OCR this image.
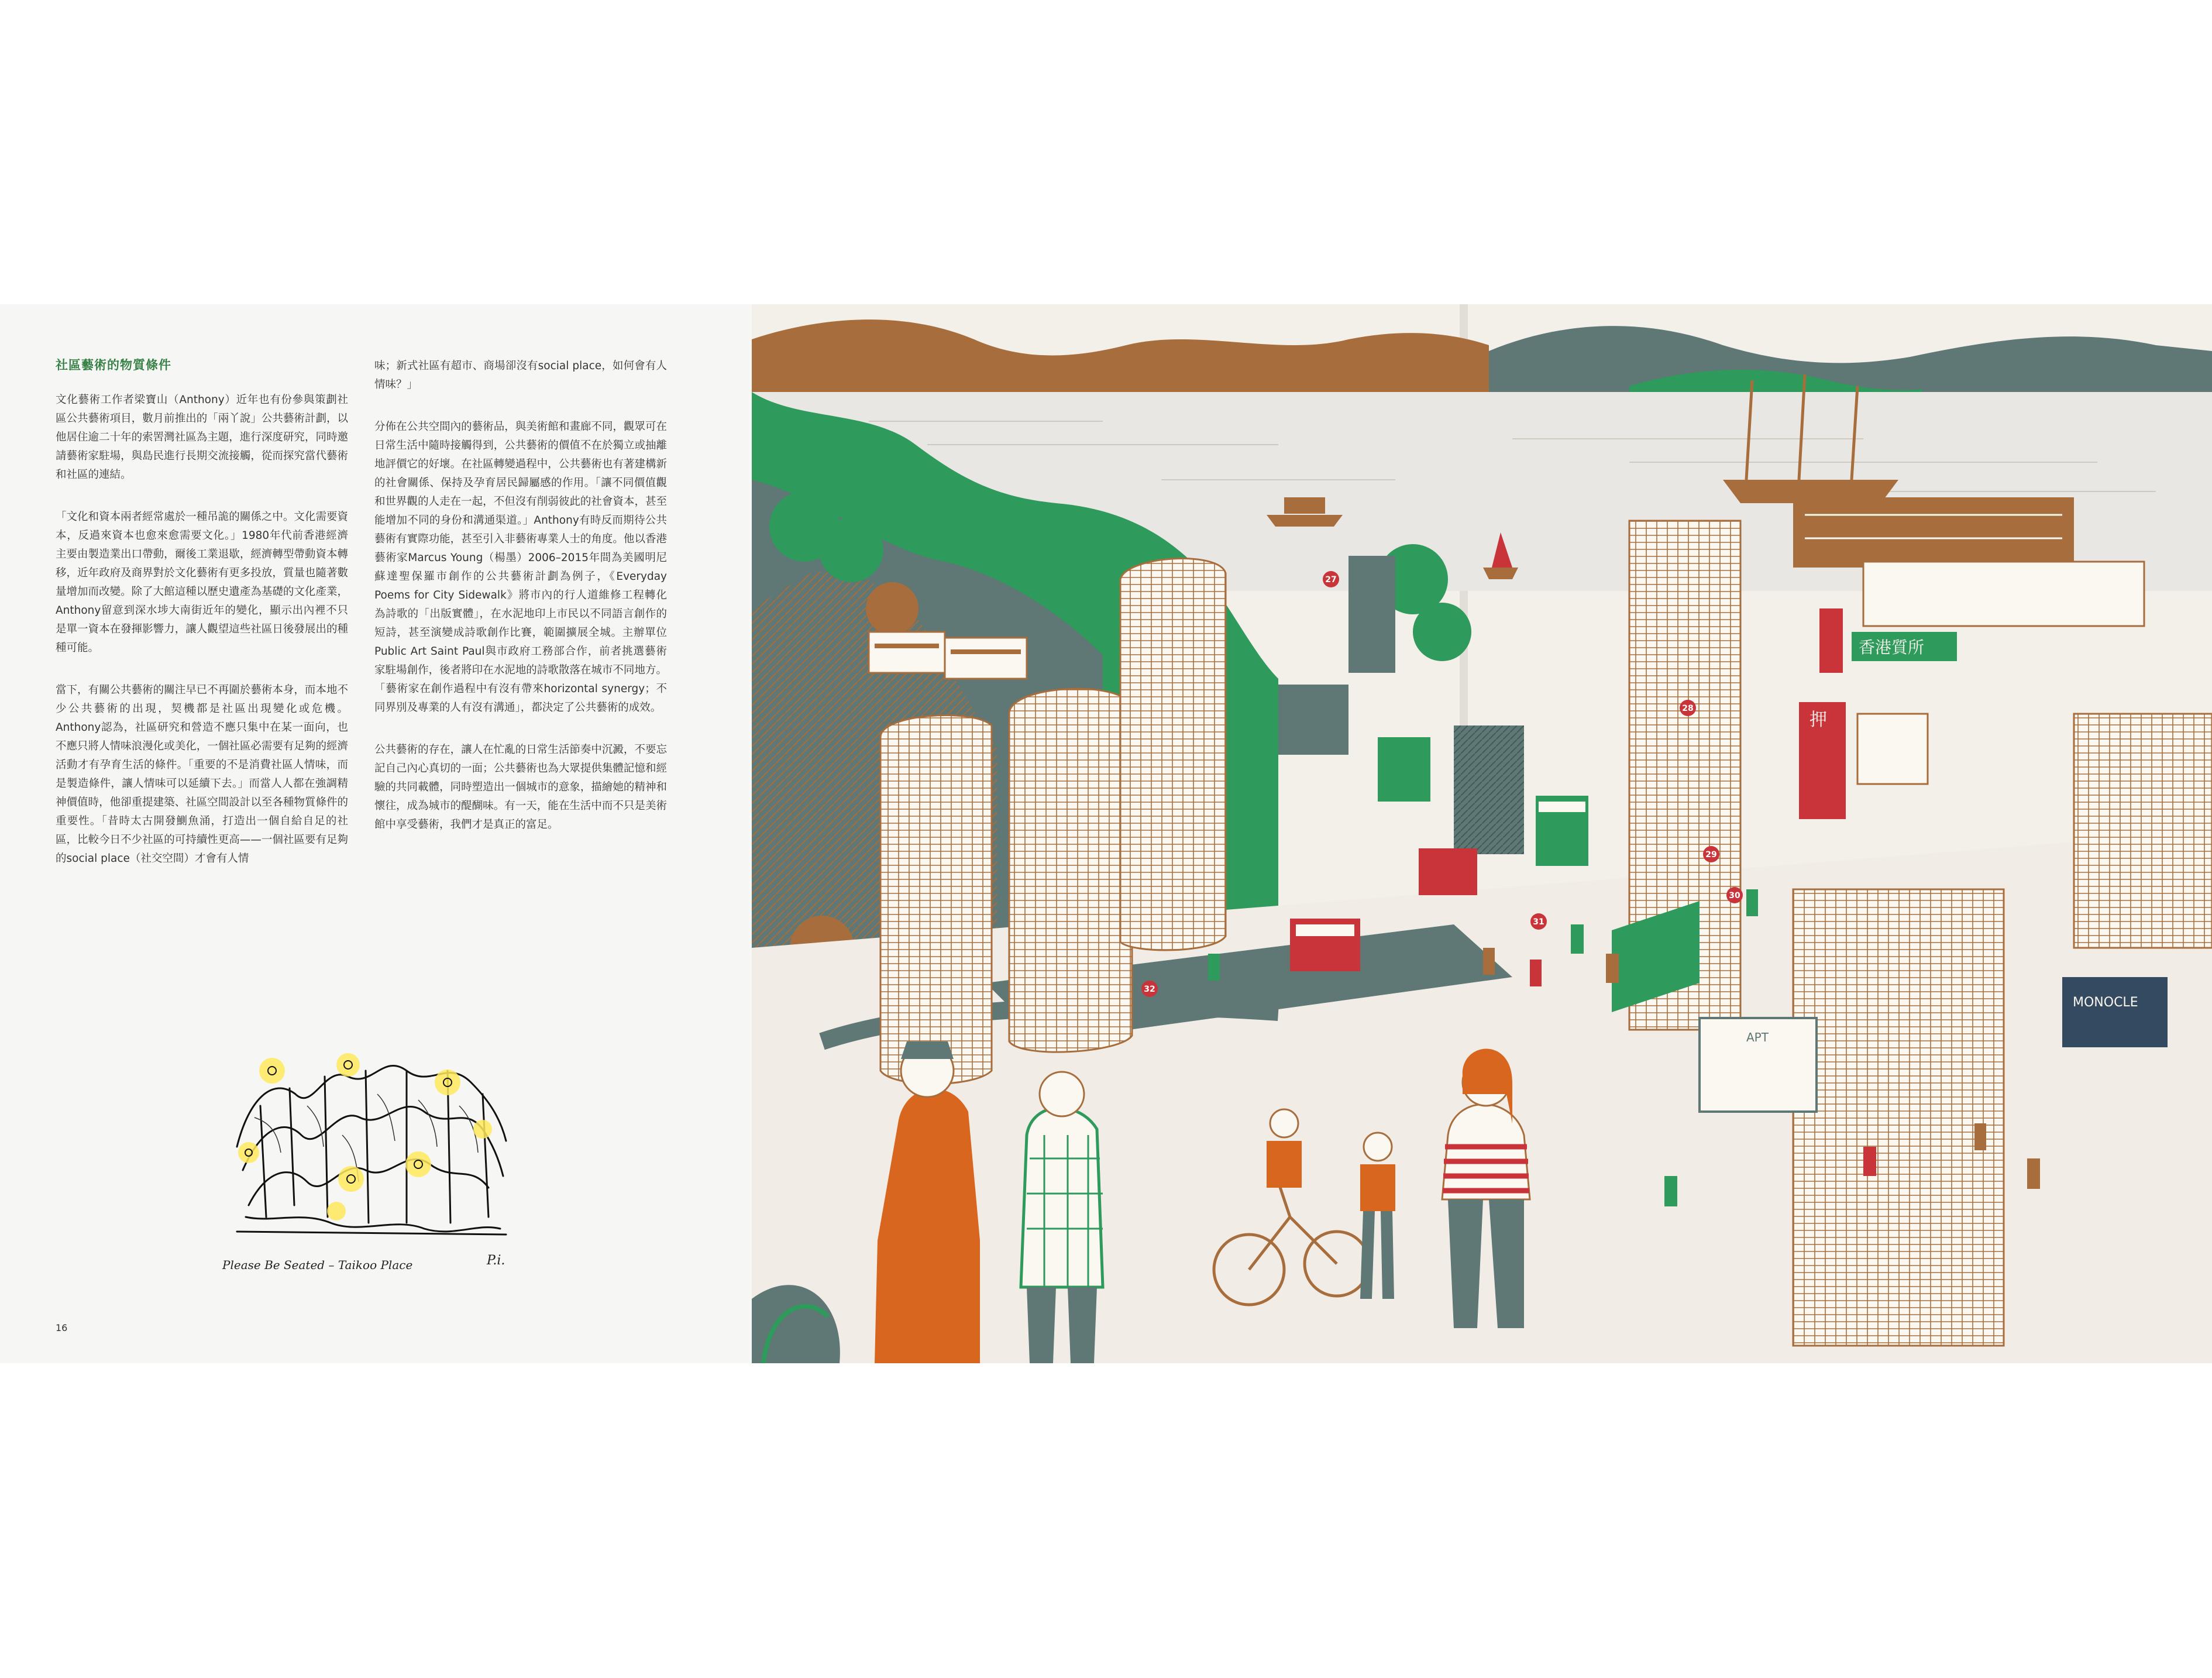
社區藝術的物質條件

文化藝術工作者梁寶山（Anthony）近年也有份參與策劃社區公共藝術項目，數月前推出的「兩丫說」公共藝術計劃，以他居住逾二十年的索罟灣社區為主題，進行深度研究，同時邀請藝術家駐場，與島民進行長期交流接觸，從而探究當代藝術和社區的連結。

「文化和資本兩者經常處於一種吊詭的關係之中。文化需要資本，反過來資本也愈來愈需要文化。」1980年代前香港經濟主要由製造業出口帶動，爾後工業退歇，經濟轉型帶動資本轉移，近年政府及商界對於文化藝術有更多投放，質量也隨著數量增加而改變。除了大館這種以歷史遺產為基礎的文化產業，Anthony留意到深水埗大南街近年的變化，顯示出內裡不只是單一資本在發揮影響力，讓人觀望這些社區日後發展出的種種可能。

當下，有關公共藝術的關注早已不再圍於藝術本身，而本地不少公共藝術的出現，契機都是社區出現變化或危機。Anthony認為，社區研究和營造不應只集中在某一面向，也不應只將人情味浪漫化或美化，一個社區必需要有足夠的經濟活動才有孕育生活的條件。「重要的不是消費社區人情味，而是製造條件，讓人情味可以延續下去。」而當人人都在強調精神價值時，他卻重提建築、社區空間設計以至各種物質條件的重要性。「昔時太古開發鰂魚涌，打造出一個自給自足的社區，比較今日不少社區的可持續性更高——一個社區要有足夠的social place（社交空間）才會有人情

味；新式社區有超市、商場卻沒有social place，如何會有人情味？」

分佈在公共空間內的藝術品，與美術館和畫廊不同，觀眾可在日常生活中隨時接觸得到，公共藝術的價值不在於獨立或抽離地評價它的好壞。在社區轉變過程中，公共藝術也有著建構新的社會關係、保持及孕育居民歸屬感的作用。「讓不同價值觀和世界觀的人走在一起，不但沒有削弱彼此的社會資本，甚至能增加不同的身份和溝通渠道。」Anthony有時反而期待公共藝術有實際功能，甚至引入非藝術專業人士的角度。他以香港藝術家Marcus Young（楊墨）2006–2015年間為美國明尼蘇達聖保羅市創作的公共藝術計劃為例子，《Everyday Poems for City Sidewalk》將市內的行人道維修工程轉化為詩歌的「出版實體」，在水泥地印上市民以不同語言創作的短詩，甚至演變成詩歌創作比賽，範圍擴展全城。主辦單位Public Art Saint Paul與市政府工務部合作，前者挑選藝術家駐場創作，後者將印在水泥地的詩歌散落在城市不同地方。「藝術家在創作過程中有沒有帶來horizontal synergy；不同界別及專業的人有沒有溝通」，都決定了公共藝術的成效。

公共藝術的存在，讓人在忙亂的日常生活節奏中沉澱，不要忘記自己內心真切的一面；公共藝術也為大眾提供集體記憶和經驗的共同載體，同時塑造出一個城市的意象，描繪她的精神和懷往，成為城市的醍醐味。有一天，能在生活中而不只是美術館中享受藝術，我們才是真正的富足。

Please Be Seated – Taikoo Place	P.i.
16
香港質所
押
MONOCLE
APT
27
28
29
30
31
32
